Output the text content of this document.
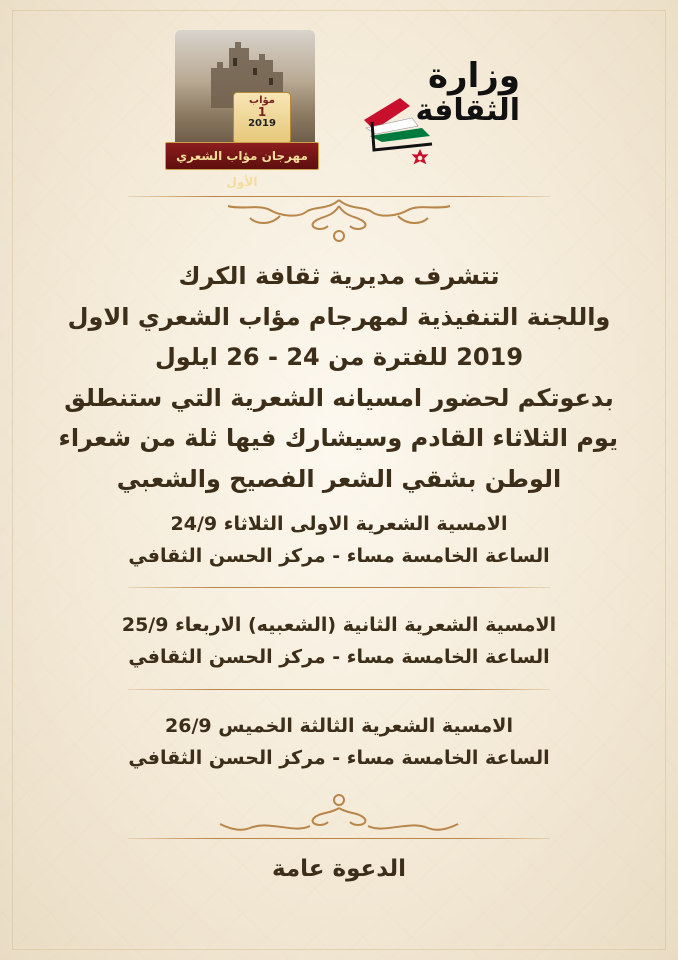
مؤاب
1
2019
مهرجان مؤاب الشعري الأول
وزارة
الثقافة
تتشرف مديرية ثقافة الكرك
واللجنة التنفيذية لمهرجام مؤاب الشعري الاول
2019 للفترة من 24 - 26 ايلول
بدعوتكم لحضور امسيانه الشعرية التي ستنطلق
يوم الثلاثاء القادم وسيشارك فيها ثلة من شعراء
الوطن بشقي الشعر الفصيح والشعبي
الامسية الشعرية الاولى الثلاثاء 24/9
الساعة الخامسة مساء - مركز الحسن الثقافي
الامسية الشعرية الثانية (الشعبيه) الاربعاء 25/9
الساعة الخامسة مساء - مركز الحسن الثقافي
الامسية الشعرية الثالثة الخميس 26/9
الساعة الخامسة مساء - مركز الحسن الثقافي
الدعوة عامة
